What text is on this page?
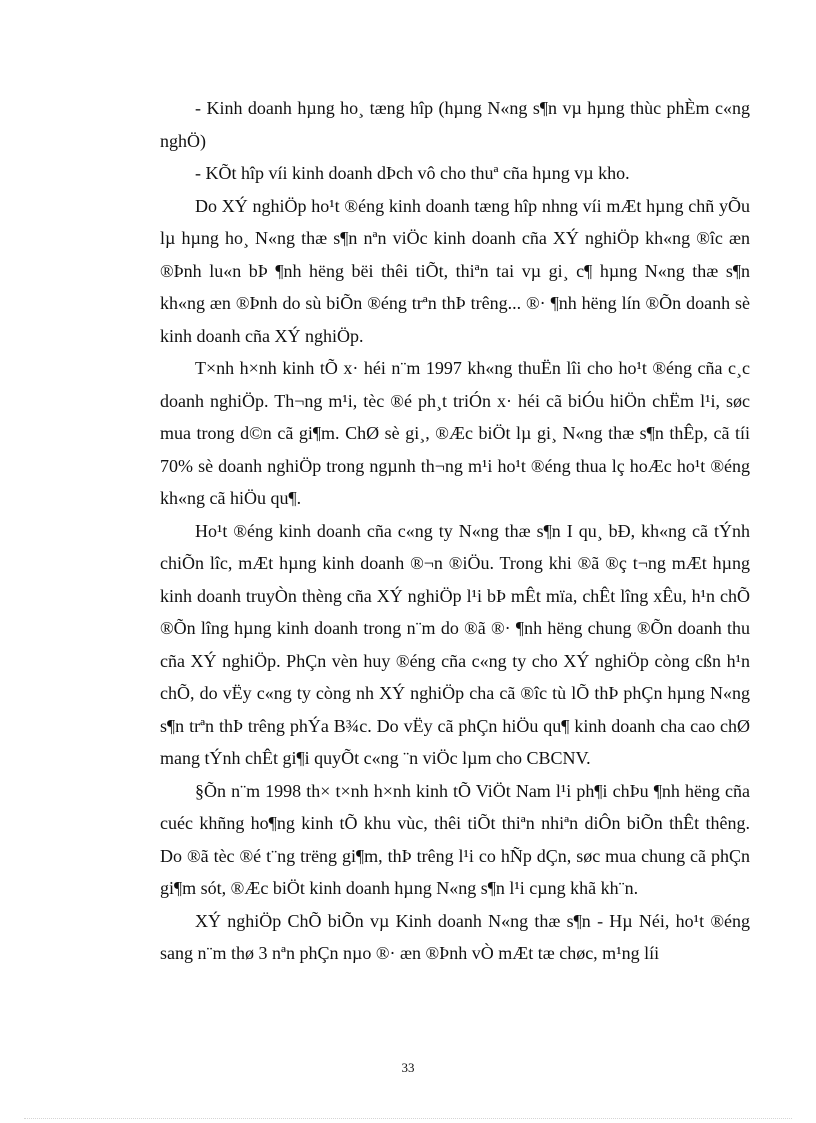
- Kinh doanh hµng ho¸ tæng hîp (hµng N«ng s¶n vµ hµng thùc phÈm c«ng nghÖ)

- KÕt hîp víi kinh doanh dÞch vô cho thuª cña hµng vµ kho.

Do XÝ nghiÖp ho¹t ®éng kinh doanh tæng hîp nhng víi mÆt hµng chñ yÕu lµ hµng ho¸ N«ng thæ s¶n nªn viÖc kinh doanh cña XÝ nghiÖp kh«ng ®îc æn ®Þnh lu«n bÞ ¶nh hëng bëi thêi tiÕt, thiªn tai vµ gi¸ c¶ hµng N«ng thæ s¶n kh«ng æn ®Þnh do sù biÕn ®éng trªn thÞ trêng... ®· ¶nh hëng lín ®Õn doanh sè kinh doanh cña XÝ nghiÖp.

T×nh h×nh kinh tÕ x· héi n¨m 1997 kh«ng thuËn lîi cho ho¹t ®éng cña c¸c doanh nghiÖp. Th¬ng m¹i, tèc ®é ph¸t triÓn x· héi cã biÓu hiÖn chËm l¹i, søc mua trong d©n cã gi¶m. ChØ sè gi¸, ®Æc biÖt lµ gi¸ N«ng thæ s¶n thÊp, cã tíi 70% sè doanh nghiÖp trong ngµnh th¬ng m¹i ho¹t ®éng thua lç hoÆc ho¹t ®éng kh«ng cã hiÖu qu¶.

Ho¹t ®éng kinh doanh cña c«ng ty N«ng thæ s¶n I qu¸ bÐ, kh«ng cã tÝnh chiÕn lîc, mÆt hµng kinh doanh ®¬n ®iÖu. Trong khi ®ã ®ç t¬ng mÆt hµng kinh doanh truyÒn thèng cña XÝ nghiÖp l¹i bÞ mÊt mïa, chÊt lîng xÊu, h¹n chÕ ®Õn lîng hµng kinh doanh trong n¨m do ®ã ®· ¶nh hëng chung ®Õn doanh thu cña XÝ nghiÖp. PhÇn vèn huy ®éng cña c«ng ty cho XÝ nghiÖp còng cßn h¹n chÕ, do vËy c«ng ty còng nh XÝ nghiÖp cha cã ®îc tù lÕ thÞ phÇn hµng N«ng s¶n trªn thÞ trêng phÝa B¾c. Do vËy cã phÇn hiÖu qu¶ kinh doanh cha cao chØ mang tÝnh chÊt gi¶i quyÕt c«ng ¨n viÖc lµm cho CBCNV.

§Õn n¨m 1998 th× t×nh h×nh kinh tÕ ViÖt Nam l¹i ph¶i chÞu ¶nh hëng cña cuéc khñng ho¶ng kinh tÕ khu vùc, thêi tiÕt thiªn nhiªn diÔn biÕn thÊt thêng. Do ®ã tèc ®é t¨ng trëng gi¶m, thÞ trêng l¹i co hÑp dÇn, søc mua chung cã phÇn gi¶m sót, ®Æc biÖt kinh doanh hµng N«ng s¶n l¹i cµng khã kh¨n.

XÝ nghiÖp ChÕ biÕn vµ Kinh doanh N«ng thæ s¶n - Hµ Néi, ho¹t ®éng sang n¨m thø 3 nªn phÇn nµo ®· æn ®Þnh vÒ mÆt tæ chøc, m¹ng líi

33
